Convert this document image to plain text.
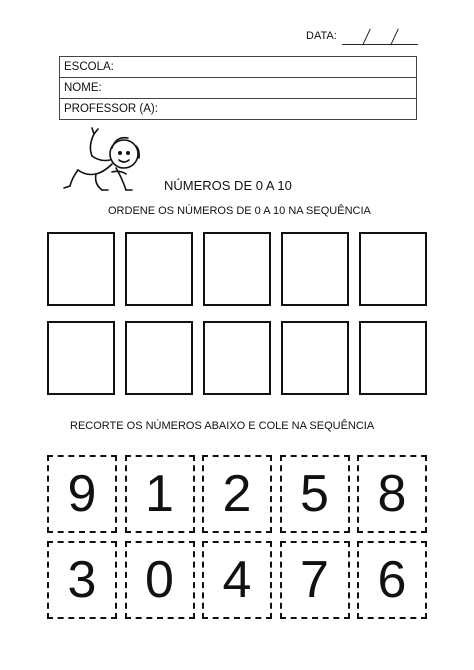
DATA:
ESCOLA:
NOME:
PROFESSOR (A):
NÚMEROS DE 0 A 10
ORDENE OS NÚMEROS DE 0 A 10 NA SEQUÊNCIA
RECORTE OS NÚMEROS ABAIXO E COLE NA SEQUÊNCIA
9 1 2 5 8
3 0 4 7 6
